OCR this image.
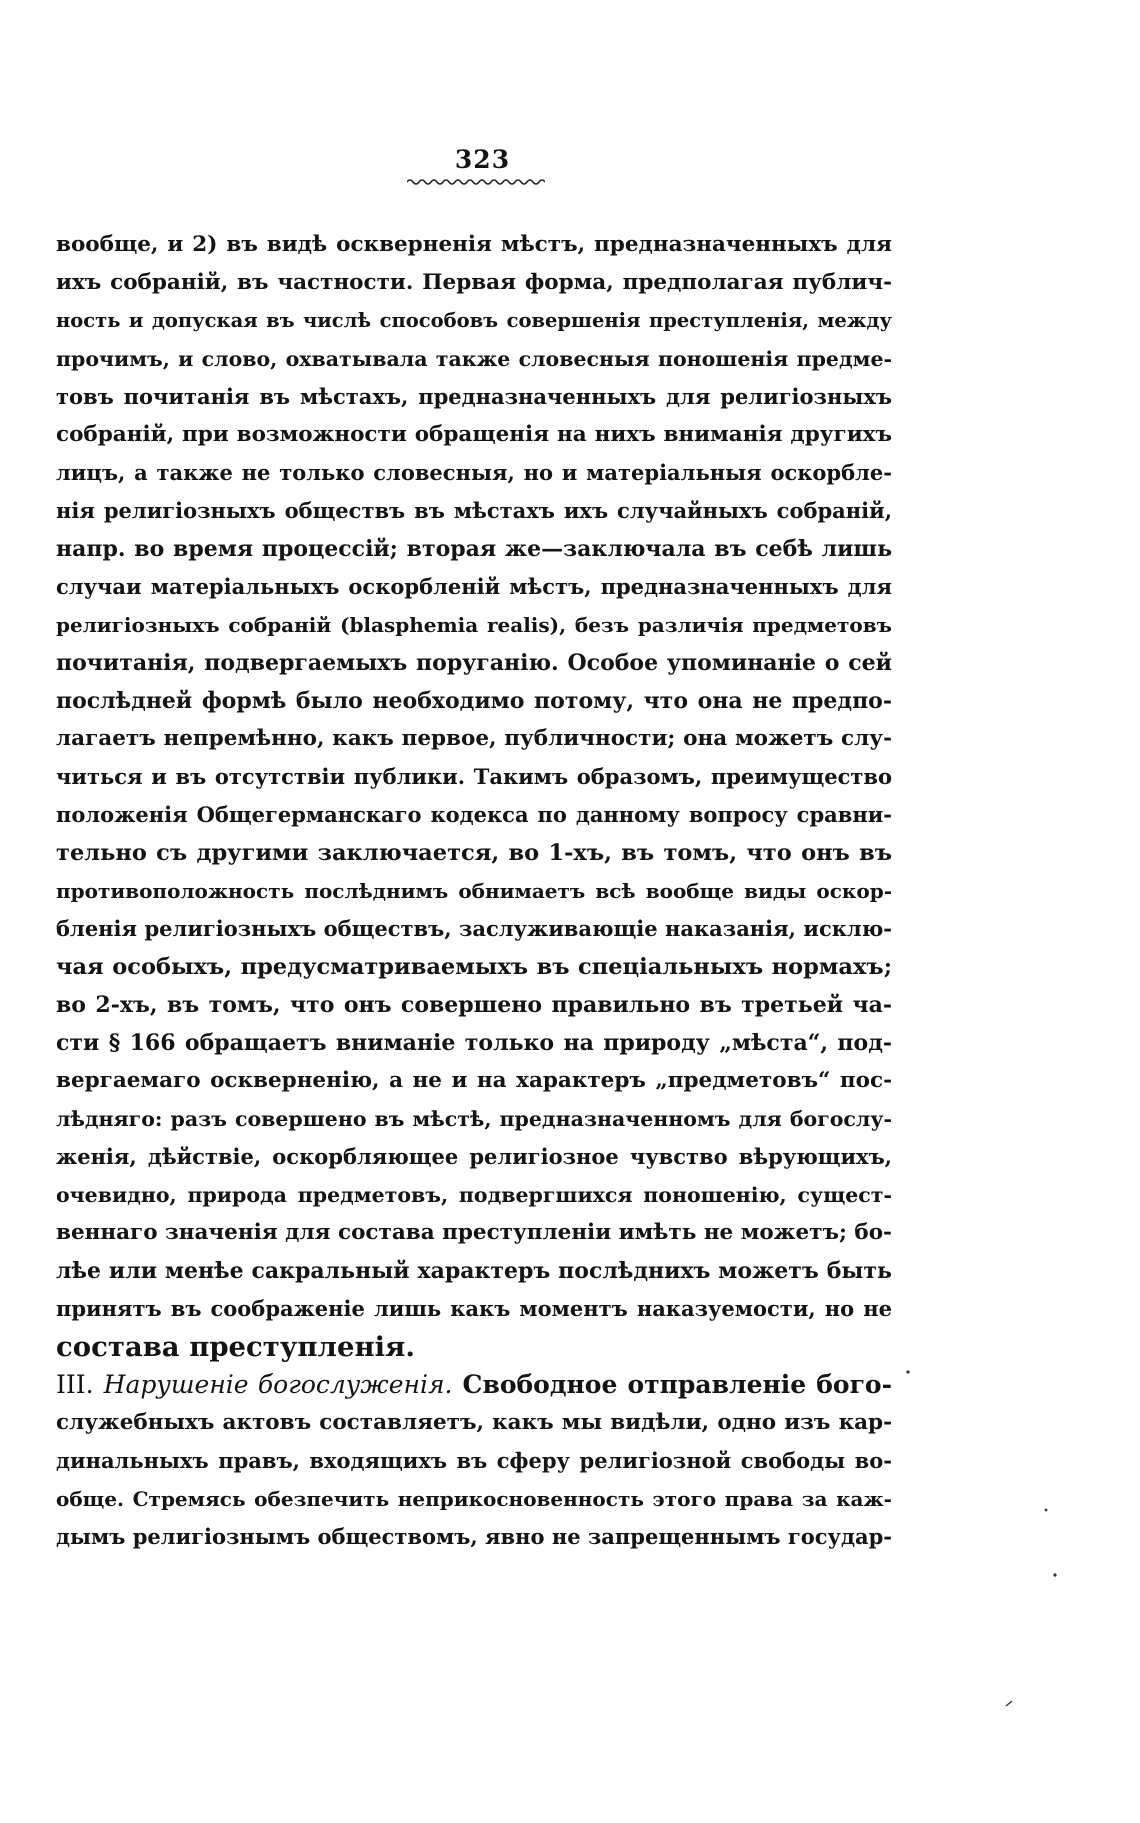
323
вообще, и 2) въ видѣ оскверненія мѣстъ, предназначенныхъ для
ихъ собраній, въ частности. Первая форма, предполагая публич-
ность и допуская въ числѣ способовъ совершенія преступленія, между
прочимъ, и слово, охватывала также словесныя поношенія предме-
товъ почитанія въ мѣстахъ, предназначенныхъ для религіозныхъ
собраній, при возможности обращенія на нихъ вниманія другихъ
лицъ, а также не только словесныя, но и матеріальныя оскорбле-
нія религіозныхъ обществъ въ мѣстахъ ихъ случайныхъ собраній,
напр. во время процессій; вторая же—заключала въ себѣ лишь
случаи матеріальныхъ оскорбленій мѣстъ, предназначенныхъ для
религіозныхъ собраній (blasphemia realis), безъ различія предметовъ
почитанія, подвергаемыхъ поруганію. Особое упоминаніе о сей
послѣдней формѣ было необходимо потому, что она не предпо-
лагаетъ непремѣнно, какъ первое, публичности; она можетъ слу-
читься и въ отсутствіи публики. Такимъ образомъ, преимущество
положенія Общегерманскаго кодекса по данному вопросу сравни-
тельно съ другими заключается, во 1-хъ, въ томъ, что онъ въ
противоположность послѣднимъ обнимаетъ всѣ вообще виды оскор-
бленія религіозныхъ обществъ, заслуживающіе наказанія, исклю-
чая особыхъ, предусматриваемыхъ въ спеціальныхъ нормахъ;
во 2-хъ, въ томъ, что онъ совершено правильно въ третьей ча-
сти § 166 обращаетъ вниманіе только на природу „мѣста“, под-
вергаемаго оскверненію, а не и на характеръ „предметовъ“ пос-
лѣдняго: разъ совершено въ мѣстѣ, предназначенномъ для богослу-
женія, дѣйствіе, оскорбляющее религіозное чувство вѣрующихъ,
очевидно, природа предметовъ, подвергшихся поношенію, сущест-
веннаго значенія для состава преступленіи имѣть не можетъ; бо-
лѣе или менѣе сакральный характеръ послѣднихъ можетъ быть
принятъ въ соображеніе лишь какъ моментъ наказуемости, но не
состава преступленія.
III. Нарушеніе богослуженія. Свободное отправленіе бого-
служебныхъ актовъ составляетъ, какъ мы видѣли, одно изъ кар-
динальныхъ правъ, входящихъ въ сферу религіозной свободы во-
обще. Стремясь обезпечить неприкосновенность этого права за каж-
дымъ религіознымъ обществомъ, явно не запрещеннымъ государ-
